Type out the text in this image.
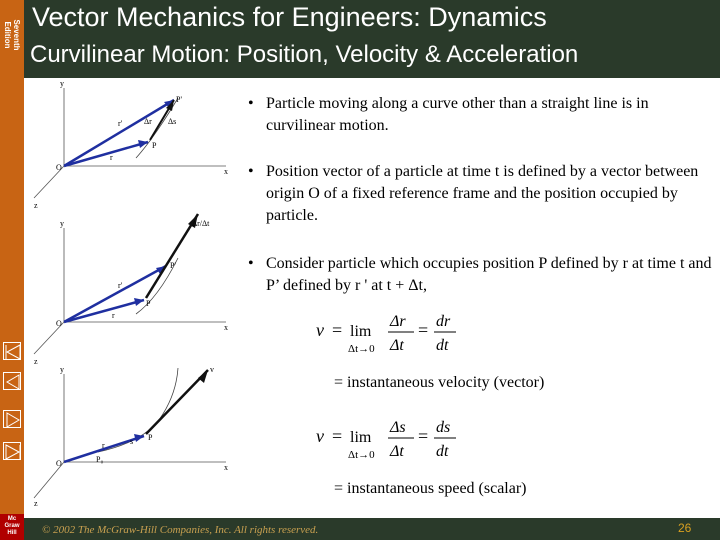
Seventh Edition
Vector Mechanics for Engineers: Dynamics
Curvilinear Motion: Position, Velocity & Acceleration
y
x
z
O
P'
P
r'
r
Δr Δs
y
x
z
O
P'
P
r'
r
Δr/Δt
y
x
z
O
v
P
r
P₀
s
• Particle moving along a curve other than a straight line is in curvilinear motion.
• Position vector of a particle at time t is defined by a vector between origin O of a fixed reference frame and the position occupied by particle.
• Consider particle which occupies position P defined by r at time t and P’ defined by r ' at t + Δt,
v = lim
Δt→0
Δr
Δt
= dr
dt
= instantaneous velocity (vector)
v = lim
Δt→0
Δs
Δt
= ds
dt
= instantaneous speed (scalar)
Mc Graw Hill	© 2002 The McGraw-Hill Companies, Inc. All rights reserved.	26
